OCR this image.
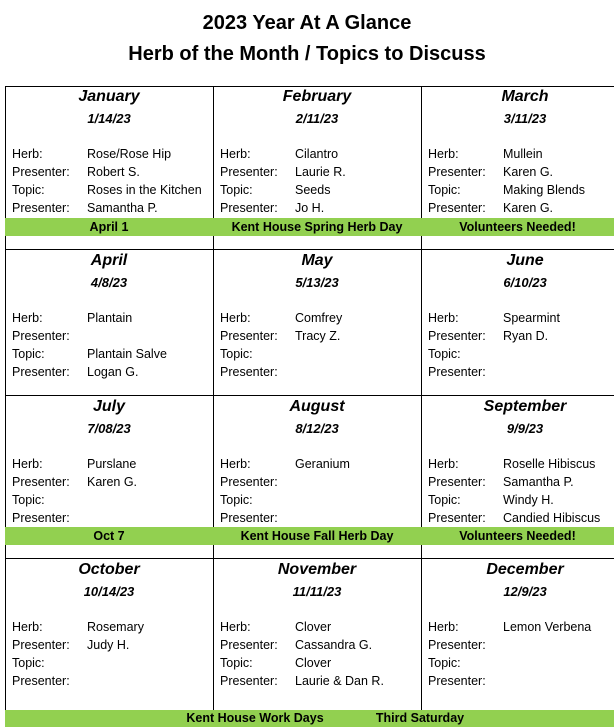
2023 Year At A Glance
Herb of the Month / Topics to Discuss
April 1	Kent House Spring Herb Day	Volunteers Needed!
Oct 7	Kent House Fall Herb Day	Volunteers Needed!
Kent House Work Days	Third Saturday
January
1/14/23
Herb:	Rose/Rose Hip
Presenter: Robert S.
Topic:	Roses in the Kitchen
Presenter: Samantha P.
February
2/11/23
Herb:	Cilantro
Presenter: Laurie R.
Topic:	Seeds
Presenter: Jo H.
March
3/11/23
Herb:	Mullein
Presenter: Karen G.
Topic:	Making Blends
Presenter: Karen G.
April
4/8/23
Herb:	Plantain
Presenter:
Topic:	Plantain Salve
Presenter: Logan G.
May
5/13/23
Herb:	Comfrey
Presenter: Tracy Z.
Topic:
Presenter:
June
6/10/23
Herb:	Spearmint
Presenter: Ryan D.
Topic:
Presenter:
July
7/08/23
Herb:	Purslane
Presenter: Karen G.
Topic:
Presenter:
August
8/12/23
Herb:	Geranium
Presenter:
Topic:
Presenter:
September
9/9/23
Herb:	Roselle Hibiscus
Presenter: Samantha P.
Topic:	Windy H.
Presenter: Candied Hibiscus
October
10/14/23
Herb:	Rosemary
Presenter: Judy H.
Topic:
Presenter:
November
11/11/23
Herb:	Clover
Presenter: Cassandra G.
Topic:	Clover
Presenter: Laurie & Dan R.
December
12/9/23
Herb:	Lemon Verbena
Presenter:
Topic:
Presenter:
